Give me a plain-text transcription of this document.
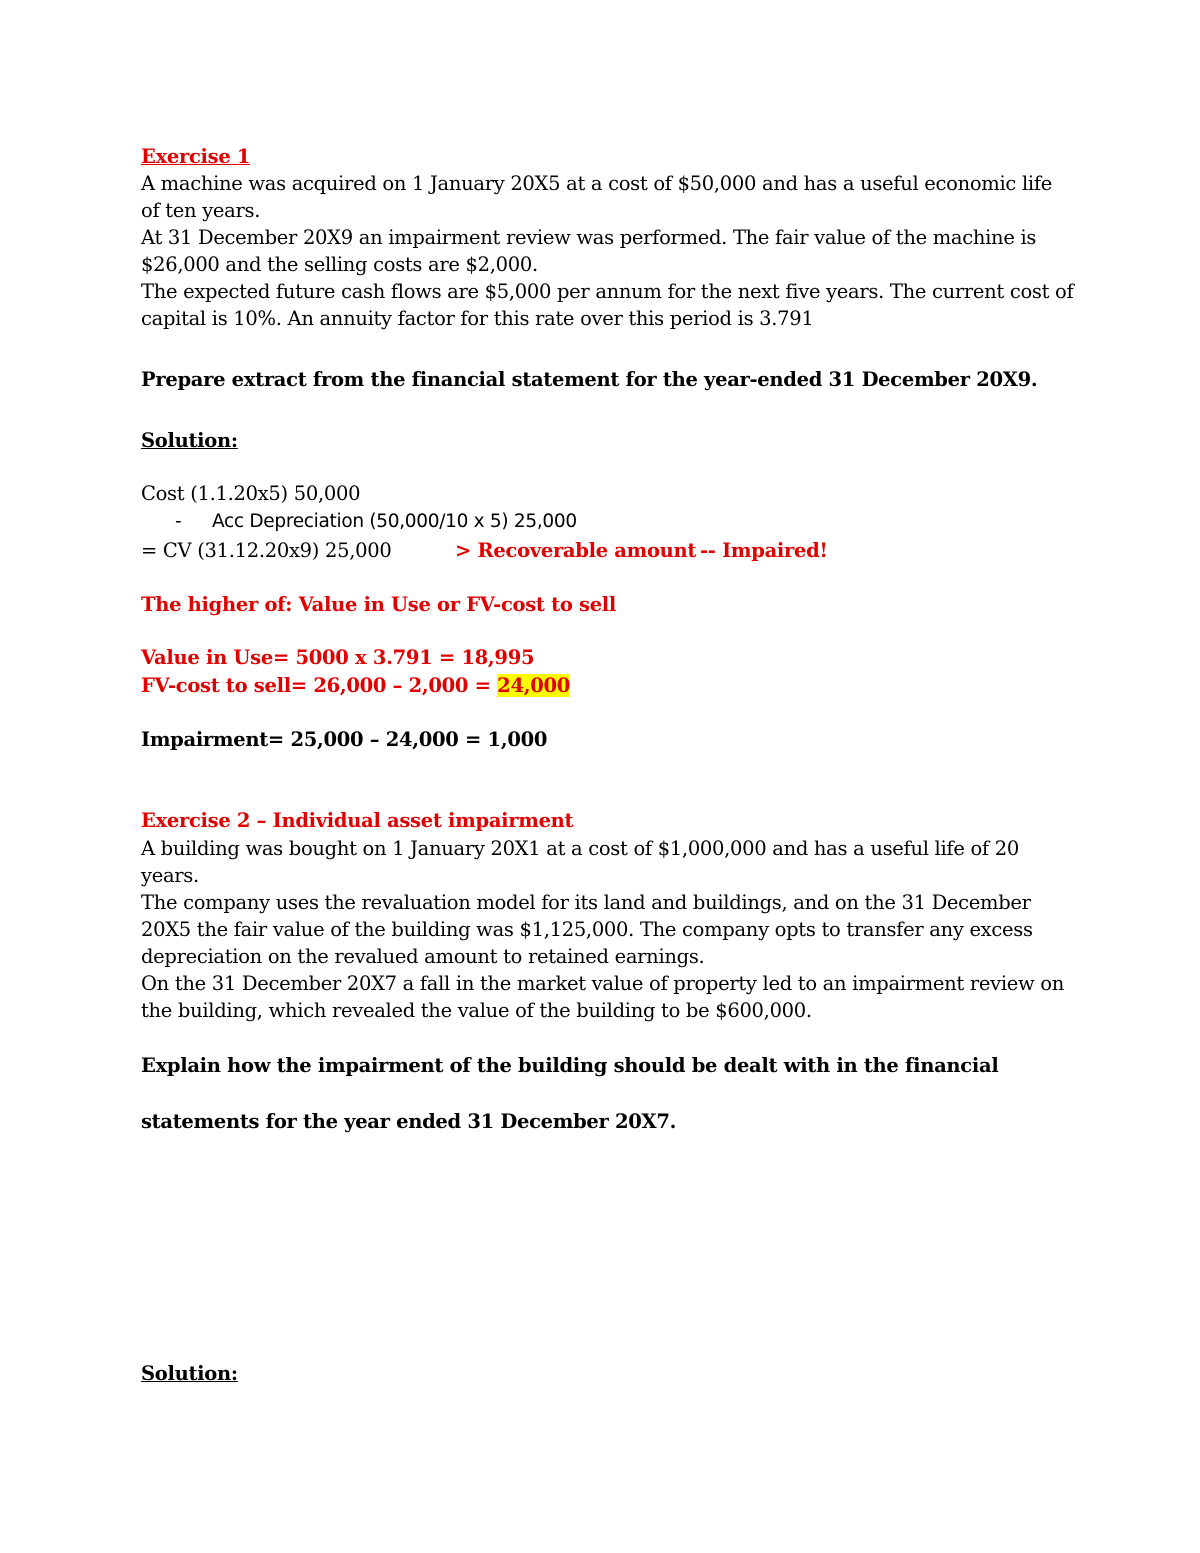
Exercise 1
A machine was acquired on 1 January 20X5 at a cost of $50,000 and has a useful economic life
of ten years.
At 31 December 20X9 an impairment review was performed. The fair value of the machine is
$26,000 and the selling costs are $2,000.
The expected future cash flows are $5,000 per annum for the next five years. The current cost of
capital is 10%. An annuity factor for this rate over this period is 3.791
Prepare extract from the financial statement for the year-ended 31 December 20X9.
Solution:
Cost (1.1.20x5) 50,000
- Acc Depreciation (50,000/10 x 5) 25,000
= CV (31.12.20x9) 25,000	> Recoverable amount -- Impaired!
The higher of: Value in Use or FV-cost to sell
Value in Use= 5000 x 3.791 = 18,995
FV-cost to sell= 26,000 – 2,000 = 24,000
Impairment= 25,000 – 24,000 = 1,000
Exercise 2 – Individual asset impairment
A building was bought on 1 January 20X1 at a cost of $1,000,000 and has a useful life of 20
years.
The company uses the revaluation model for its land and buildings, and on the 31 December
20X5 the fair value of the building was $1,125,000. The company opts to transfer any excess
depreciation on the revalued amount to retained earnings.
On the 31 December 20X7 a fall in the market value of property led to an impairment review on
the building, which revealed the value of the building to be $600,000.
Explain how the impairment of the building should be dealt with in the financial
statements for the year ended 31 December 20X7.
Solution:
